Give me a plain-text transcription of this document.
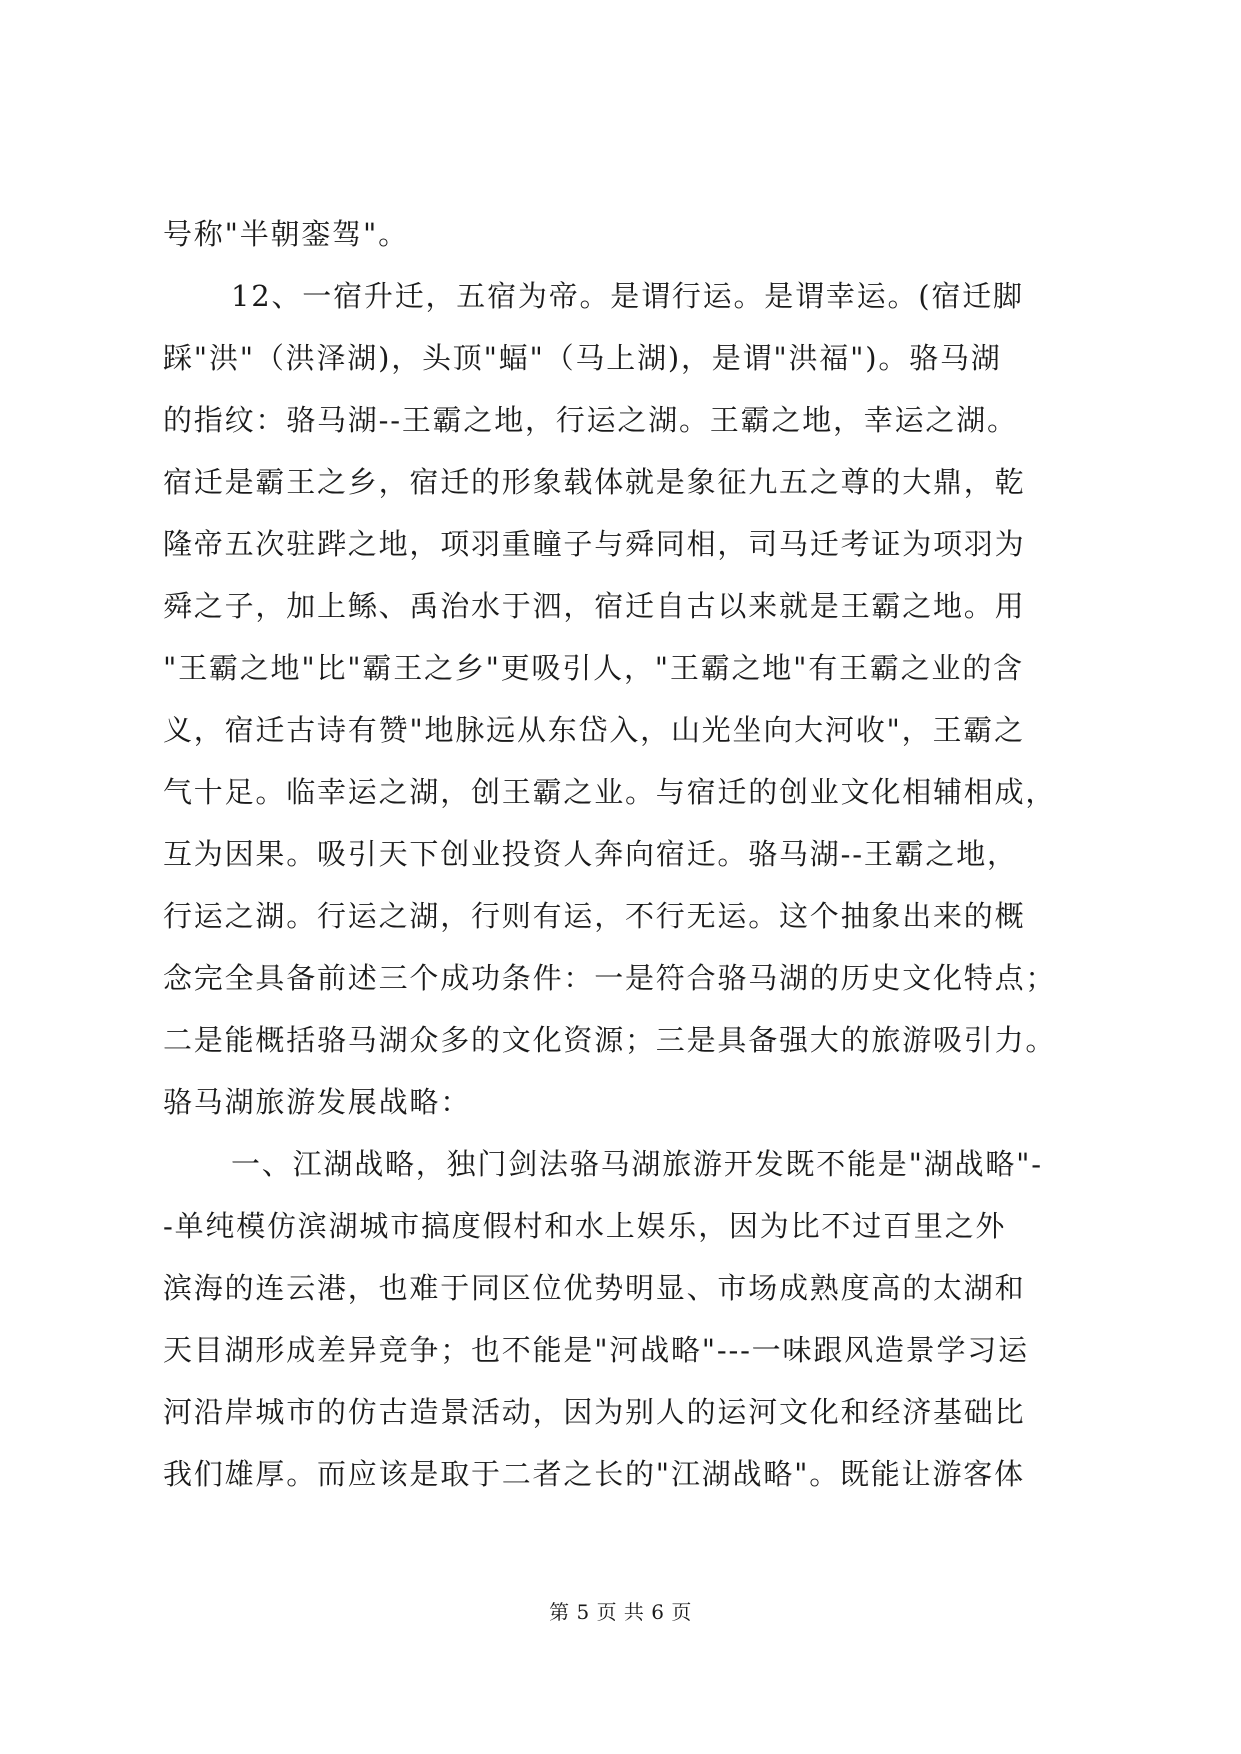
号称"半朝銮驾"。
12、一宿升迁，五宿为帝。是谓行运。是谓幸运。(宿迁脚
踩"洪"（洪泽湖)，头顶"蝠"（马上湖)，是谓"洪福")。骆马湖
的指纹：骆马湖--王霸之地，行运之湖。王霸之地，幸运之湖。
宿迁是霸王之乡，宿迁的形象载体就是象征九五之尊的大鼎，乾
隆帝五次驻跸之地，项羽重瞳子与舜同相，司马迁考证为项羽为
舜之子，加上鲧、禹治水于泗，宿迁自古以来就是王霸之地。用
"王霸之地"比"霸王之乡"更吸引人，"王霸之地"有王霸之业的含
义，宿迁古诗有赞"地脉远从东岱入，山光坐向大河收"，王霸之
气十足。临幸运之湖，创王霸之业。与宿迁的创业文化相辅相成，
互为因果。吸引天下创业投资人奔向宿迁。骆马湖--王霸之地，
行运之湖。行运之湖，行则有运，不行无运。这个抽象出来的概
念完全具备前述三个成功条件：一是符合骆马湖的历史文化特点；
二是能概括骆马湖众多的文化资源；三是具备强大的旅游吸引力。
骆马湖旅游发展战略：
一、江湖战略，独门剑法骆马湖旅游开发既不能是"湖战略"-
-单纯模仿滨湖城市搞度假村和水上娱乐，因为比不过百里之外
滨海的连云港，也难于同区位优势明显、市场成熟度高的太湖和
天目湖形成差异竞争；也不能是"河战略"---一味跟风造景学习运
河沿岸城市的仿古造景活动，因为别人的运河文化和经济基础比
我们雄厚。而应该是取于二者之长的"江湖战略"。既能让游客体
第 5 页 共 6 页
